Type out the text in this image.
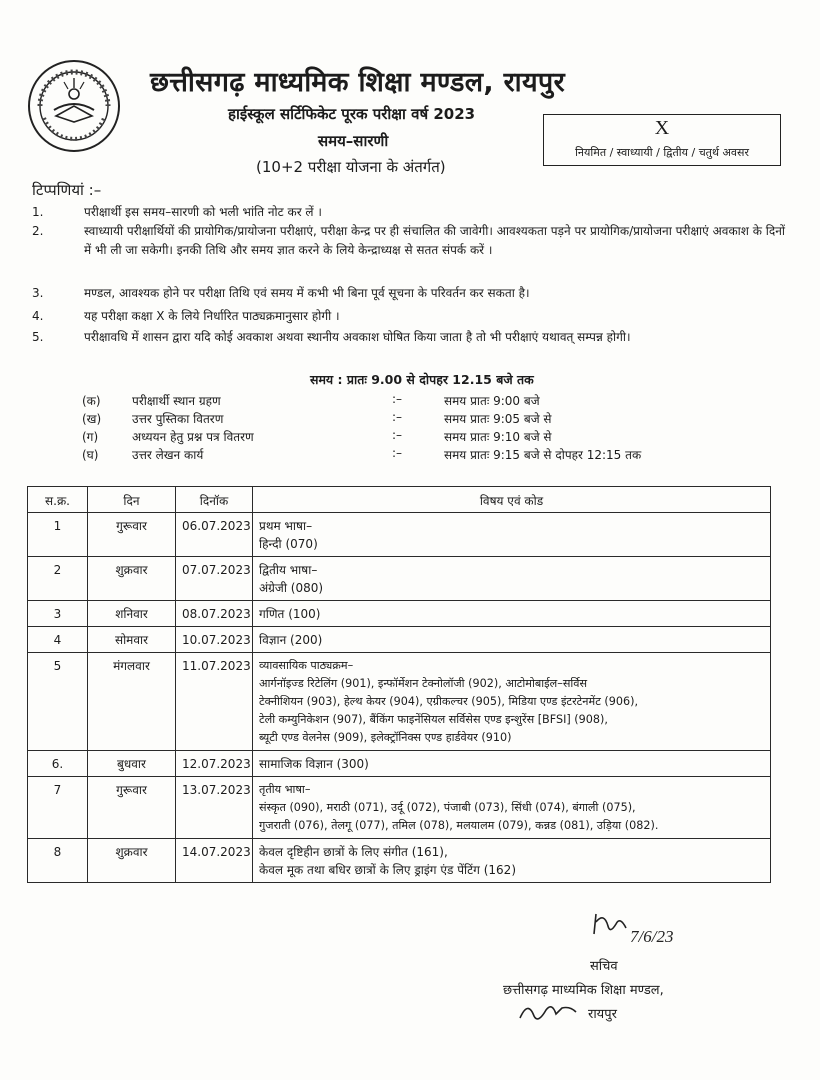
छत्तीसगढ़ माध्यमिक शिक्षा मण्डल, रायपुर
हाईस्कूल सर्टिफिकेट पूरक परीक्षा वर्ष 2023
समय–सारणी
(10+2 परीक्षा योजना के अंतर्गत)
X
नियमित / स्वाध्यायी / द्वितीय / चतुर्थ अवसर
टिप्पणियां :–
1.	परीक्षार्थी इस समय–सारणी को भली भांति नोट कर लें ।
2.	स्वाध्यायी परीक्षार्थियों की प्रायोगिक/प्रायोजना परीक्षाएं, परीक्षा केन्द्र पर ही संचालित की जावेगी। आवश्यकता पड़ने पर प्रायोगिक/प्रायोजना परीक्षाएं अवकाश के दिनों में भी ली जा सकेगी। इनकी तिथि और समय ज्ञात करने के लिये केन्द्राध्यक्ष से सतत संपर्क करें ।
3.	मण्डल, आवश्यक होने पर परीक्षा तिथि एवं समय में कभी भी बिना पूर्व सूचना के परिवर्तन कर सकता है।
4.	यह परीक्षा कक्षा X के लिये निर्धारित पाठ्यक्रमानुसार होगी ।
5.	परीक्षावधि में शासन द्वारा यदि कोई अवकाश अथवा स्थानीय अवकाश घोषित किया जाता है तो भी परीक्षाएं यथावत् सम्पन्न होगी।
समय : प्रातः 9.00 से दोपहर 12.15 बजे तक
(क)	परीक्षार्थी स्थान ग्रहण	:–	समय प्रातः 9:00 बजे
(ख)	उत्तर पुस्तिका वितरण	:–	समय प्रातः 9:05 बजे से
(ग)	अध्ययन हेतु प्रश्न पत्र वितरण	:–	समय प्रातः 9:10 बजे से
(घ)	उत्तर लेखन कार्य	:–	समय प्रातः 9:15 बजे से दोपहर 12:15 तक
स.क्र.	दिन	दिनॉक	विषय एवं कोड
1	गुरूवार	06.07.2023	प्रथम भाषा–
हिन्दी (070)

2	शुक्रवार	07.07.2023	द्वितीय भाषा–
अंग्रेजी (080)

3	शनिवार	08.07.2023	गणित (100)

4	सोमवार	10.07.2023	विज्ञान (200)

5	मंगलवार	11.07.2023	व्यावसायिक पाठ्यक्रम–
आर्गनॉइज्ड रिटेलिंग (901), इन्फॉर्मेशन टेक्नोलॉजी (902), आटोमोबाईल–सर्विस
टेक्नीशियन (903), हेल्थ केयर (904), एग्रीकल्चर (905), मिडिया एण्ड इंटरटेनमेंट (906),
टेली कम्युनिकेशन (907), बैंकिंग फाइनेंसियल सर्विसेस एण्ड इन्शुरेंस [BFSI] (908),
ब्यूटी एण्ड वेलनेस (909), इलेक्ट्रॉनिक्स एण्ड हार्डवेयर (910)

6.	बुधवार	12.07.2023	सामाजिक विज्ञान (300)

7	गुरूवार	13.07.2023	तृतीय भाषा–
संस्कृत (090), मराठी (071), उर्दू (072), पंजाबी (073), सिंधी (074), बंगाली (075),
गुजराती (076), तेलगू (077), तमिल (078), मलयालम (079), कन्नड (081), उड़िया (082).

8	शुक्रवार	14.07.2023	केवल दृष्टिहीन छात्रों के लिए संगीत (161),
केवल मूक तथा बधिर छात्रों के लिए ड्राइंग एंड पेंटिंग (162)
7/6/23
सचिव
छत्तीसगढ़ माध्यमिक शिक्षा मण्डल,
रायपुर
